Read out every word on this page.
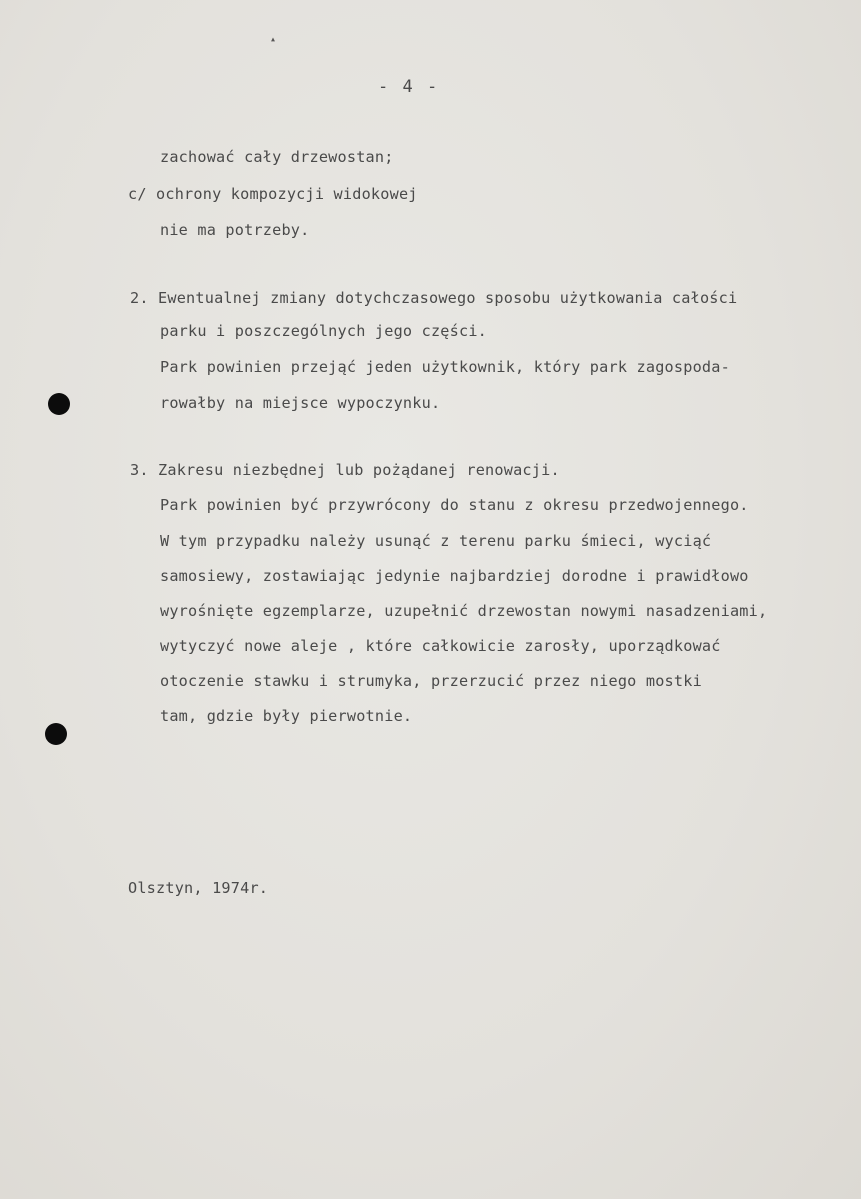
▴
- 4 -
zachować cały drzewostan;
c/ ochrony kompozycji widokowej
nie ma potrzeby.
2. Ewentualnej zmiany dotychczasowego sposobu użytkowania całości
parku i poszczególnych jego części.
Park powinien przejąć jeden użytkownik, który park zagospoda-
rowałby na miejsce wypoczynku.
3. Zakresu niezbędnej lub pożądanej renowacji.
Park powinien być przywrócony do stanu z okresu przedwojennego.
W tym przypadku należy usunąć z terenu parku śmieci, wyciąć
samosiewy, zostawiając jedynie najbardziej dorodne i prawidłowo
wyrośnięte egzemplarze, uzupełnić drzewostan nowymi nasadzeniami,
wytyczyć nowe aleje , które całkowicie zarosły, uporządkować
otoczenie stawku i strumyka, przerzucić przez niego mostki
tam, gdzie były pierwotnie.
Olsztyn, 1974r.
